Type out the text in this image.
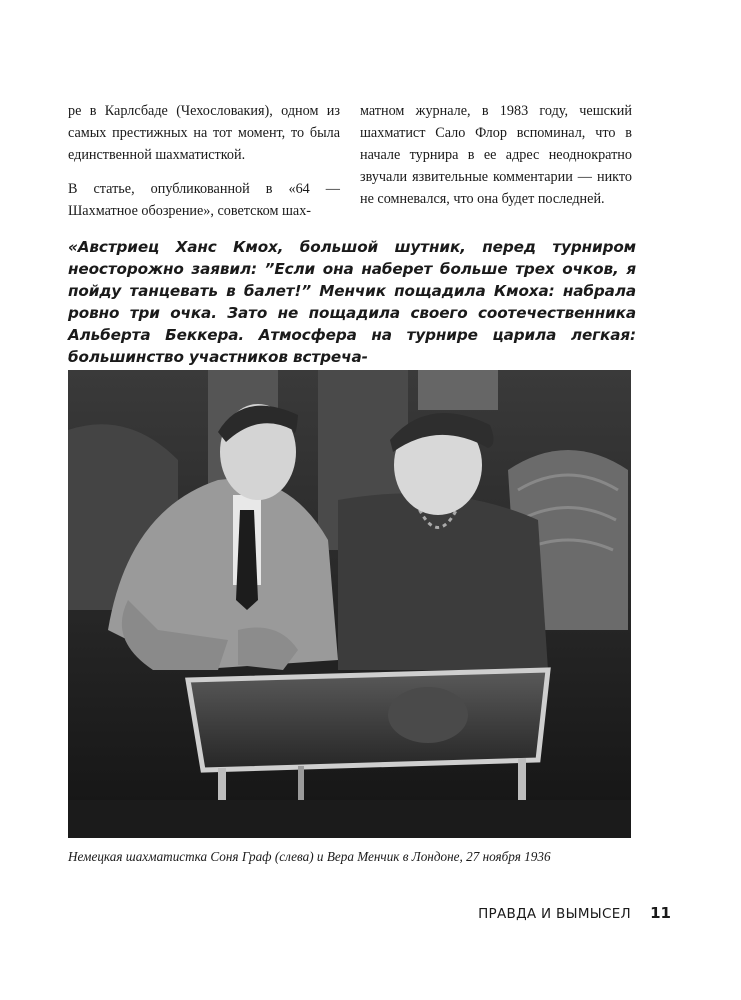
ре в Карлсбаде (Чехословакия), одном из самых престижных на тот момент, то была единственной шахматисткой.

В статье, опубликованной в «64 — Шахматное обозрение», советском шах-

матном журнале, в 1983 году, чешский шахматист Сало Флор вспоминал, что в начале турнира в ее адрес неоднократно звучали язвительные комментарии — никто не сомневался, что она будет последней.

«Австриец Ханс Кмох, большой шутник, перед турниром неосторожно заявил: ”Если она наберет больше трех очков, я пойду танцевать в балет!” Менчик пощадила Кмоха: набрала ровно три очка. Зато не пощадила своего соотечественника Альберта Беккера. Атмосфера на турнире царила легкая: большинство участников встреча-

Немецкая шахматистка Соня Граф (слева) и Вера Менчик в Лондоне, 27 ноября 1936

ПРАВДА И ВЫМЫСЕЛ 11
